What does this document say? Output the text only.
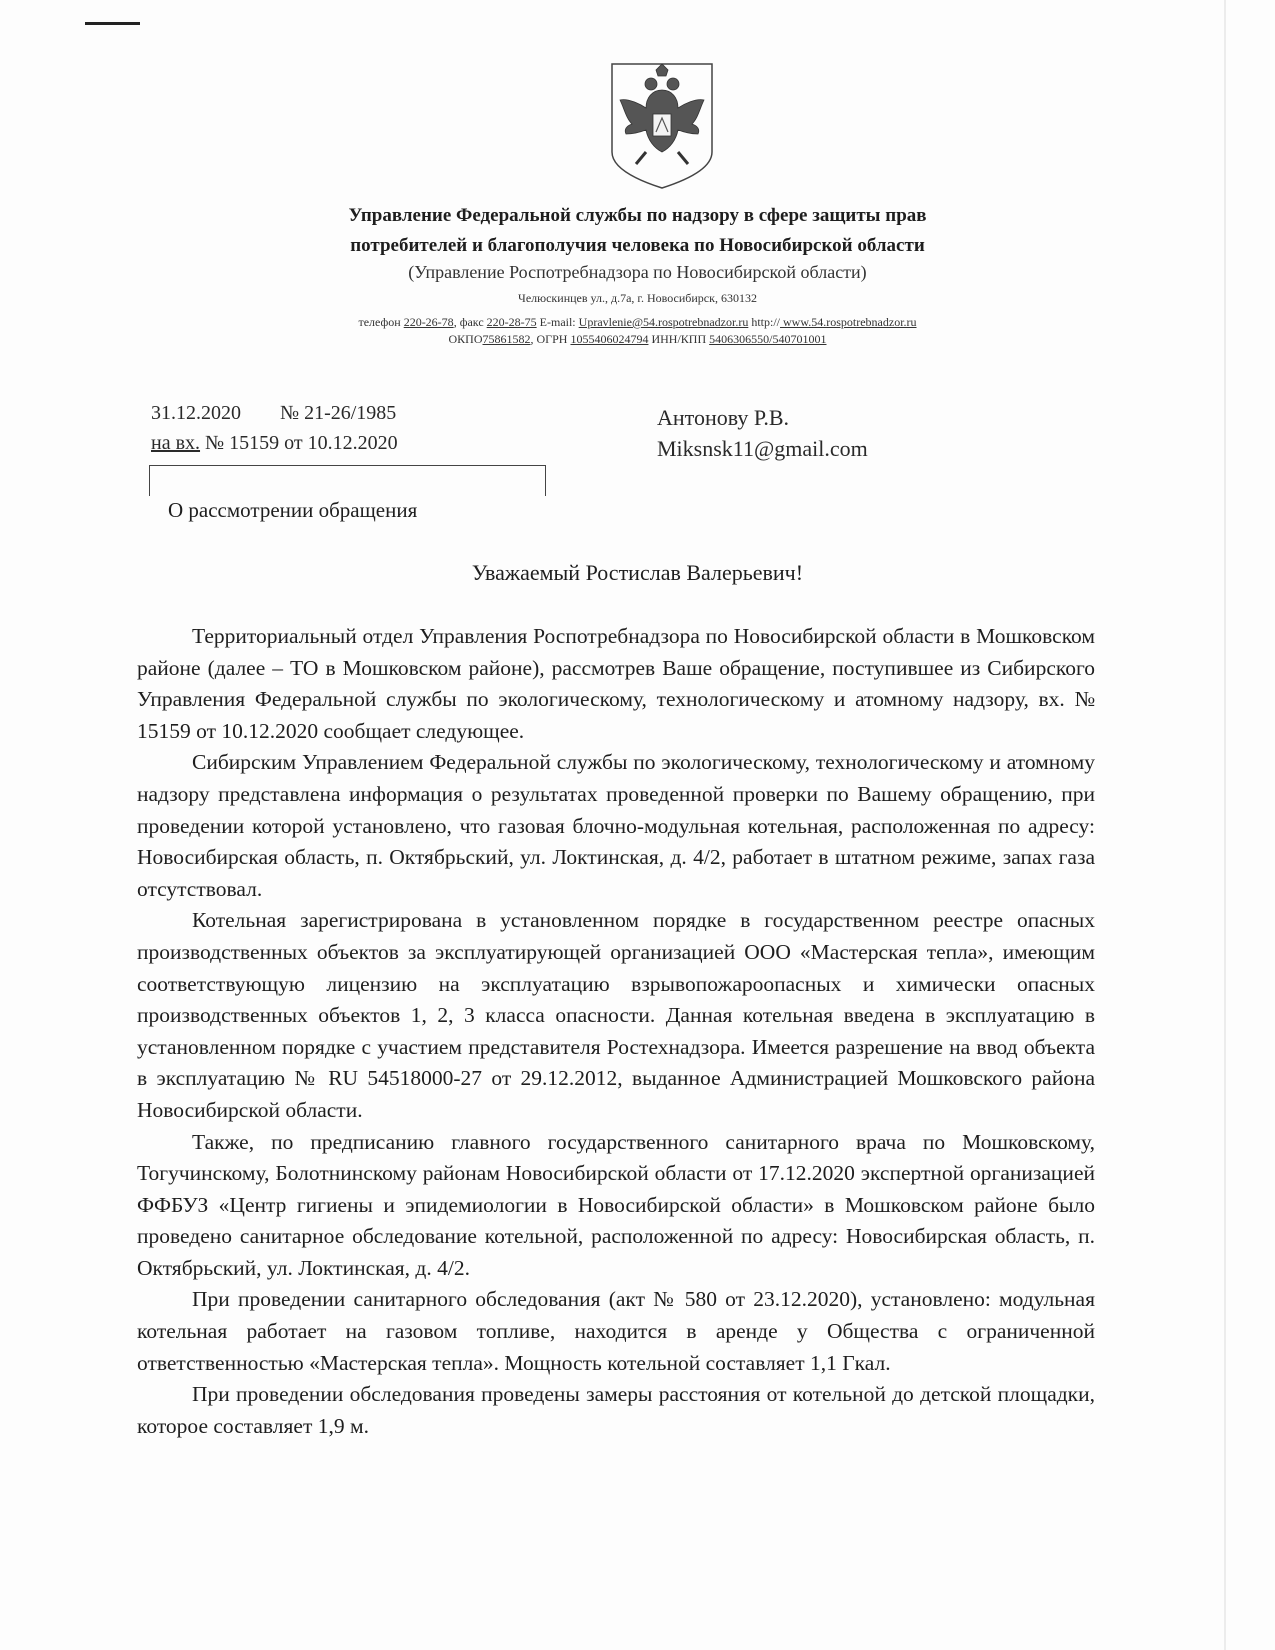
Управление Федеральной службы по надзору в сфере защиты прав
потребителей и благополучия человека по Новосибирской области
(Управление Роспотребнадзора по Новосибирской области)
Челюскинцев ул., д.7а, г. Новосибирск, 630132
телефон 220-26-78, факс 220-28-75 E-mail: Upravlenie@54.rospotrebnadzor.ru http:// www.54.rospotrebnadzor.ru
ОКПО75861582, ОГРН 1055406024794 ИНН/КПП 5406306550/540701001
31.12.2020 № 21-26/1985
на вх. № 15159 от 10.12.2020
Антонову Р.В.
Miksnsk11@gmail.com
О рассмотрении обращения
Уважаемый Ростислав Валерьевич!

Территориальный отдел Управления Роспотребнадзора по Новосибирской области в Мошковском районе (далее – ТО в Мошковском районе), рассмотрев Ваше обращение, поступившее из Сибирского Управления Федеральной службы по экологическому, технологическому и атомному надзору, вх. № 15159 от 10.12.2020 сообщает следующее.

Сибирским Управлением Федеральной службы по экологическому, технологическому и атомному надзору представлена информация о результатах проведенной проверки по Вашему обращению, при проведении которой установлено, что газовая блочно-модульная котельная, расположенная по адресу: Новосибирская область, п. Октябрьский, ул. Локтинская, д. 4/2, работает в штатном режиме, запах газа отсутствовал.

Котельная зарегистрирована в установленном порядке в государственном реестре опасных производственных объектов за эксплуатирующей организацией ООО «Мастерская тепла», имеющим соответствующую лицензию на эксплуатацию взрывопожароопасных и химически опасных производственных объектов 1, 2, 3 класса опасности. Данная котельная введена в эксплуатацию в установленном порядке с участием представителя Ростехнадзора. Имеется разрешение на ввод объекта в эксплуатацию № RU 54518000-27 от 29.12.2012, выданное Администрацией Мошковского района Новосибирской области.

Также, по предписанию главного государственного санитарного врача по Мошковскому, Тогучинскому, Болотнинскому районам Новосибирской области от 17.12.2020 экспертной организацией ФФБУЗ «Центр гигиены и эпидемиологии в Новосибирской области» в Мошковском районе было проведено санитарное обследование котельной, расположенной по адресу: Новосибирская область, п. Октябрьский, ул. Локтинская, д. 4/2.

При проведении санитарного обследования (акт № 580 от 23.12.2020), установлено: модульная котельная работает на газовом топливе, находится в аренде у Общества с ограниченной ответственностью «Мастерская тепла». Мощность котельной составляет 1,1 Гкал.

При проведении обследования проведены замеры расстояния от котельной до детской площадки, которое составляет 1,9 м.
